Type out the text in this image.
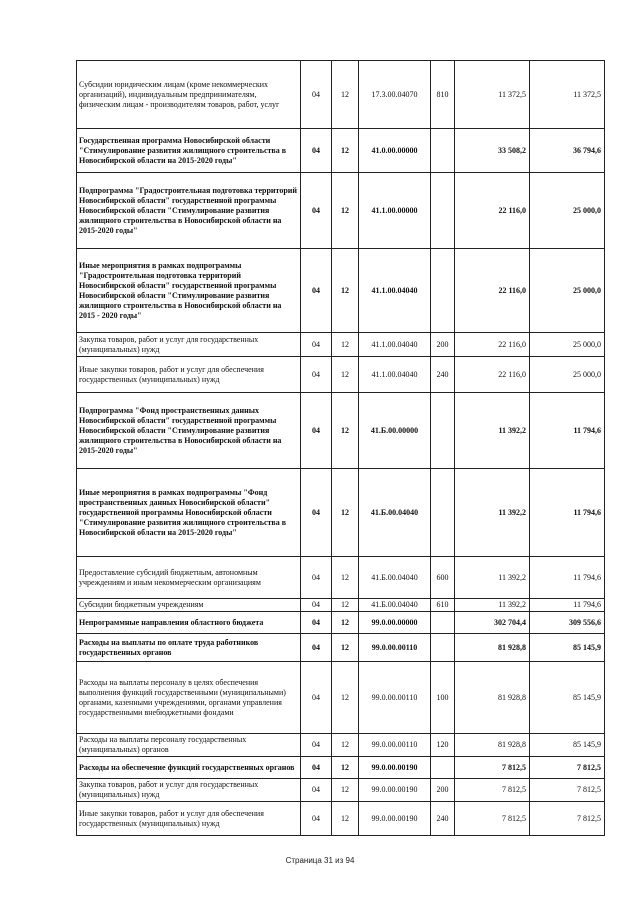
Субсидии юридическим лицам (кроме некоммерческих организаций), индивидуальным предпринимателям, физическим лицам - производителям товаров, работ, услуг	04	12	17.3.00.04070	810	11 372,5	11 372,5
Государственная программа Новосибирской области "Стимулирование развития жилищного строительства в Новосибирской области на 2015-2020 годы"	04	12	41.0.00.00000		33 508,2	36 794,6
Подпрограмма "Градостроительная подготовка территорий Новосибирской области" государственной программы Новосибирской области "Стимулирование развития жилищного строительства в Новосибирской области на 2015-2020 годы"	04	12	41.1.00.00000		22 116,0	25 000,0
Иные мероприятия в рамках подпрограммы "Градостроительная подготовка территорий Новосибирской области" государственной программы Новосибирской области "Стимулирование развития жилищного строительства в Новосибирской области на 2015 - 2020 годы"	04	12	41.1.00.04040		22 116,0	25 000,0
Закупка товаров, работ и услуг для государственных (муниципальных) нужд	04	12	41.1.00.04040	200	22 116,0	25 000,0
Иные закупки товаров, работ и услуг для обеспечения государственных (муниципальных) нужд	04	12	41.1.00.04040	240	22 116,0	25 000,0
Подпрограмма "Фонд пространственных данных Новосибирской области" государственной программы Новосибирской области "Стимулирование развития жилищного строительства в Новосибирской области на 2015-2020 годы"	04	12	41.Б.00.00000		11 392,2	11 794,6
Иные мероприятия в рамках подпрограммы "Фонд пространственных данных Новосибирской области" государственной программы Новосибирской области "Стимулирование развития жилищного строительства в Новосибирской области на 2015-2020 годы"	04	12	41.Б.00.04040		11 392,2	11 794,6
Предоставление субсидий бюджетным, автономным учреждениям и иным некоммерческим организациям	04	12	41.Б.00.04040	600	11 392,2	11 794,6
Субсидии бюджетным учреждениям	04	12	41.Б.00.04040	610	11 392,2	11 794,6
Непрограммные направления областного бюджета	04	12	99.0.00.00000		302 704,4	309 556,6
Расходы на выплаты по оплате труда работников государственных органов	04	12	99.0.00.00110		81 928,8	85 145,9
Расходы на выплаты персоналу в целях обеспечения выполнения функций государственными (муниципальными) органами, казенными учреждениями, органами управления государственными внебюджетными фондами	04	12	99.0.00.00110	100	81 928,8	85 145,9
Расходы на выплаты персоналу государственных (муниципальных) органов	04	12	99.0.00.00110	120	81 928,8	85 145,9
Расходы на обеспечение функций государственных органов	04	12	99.0.00.00190		7 812,5	7 812,5
Закупка товаров, работ и услуг для государственных (муниципальных) нужд	04	12	99.0.00.00190	200	7 812,5	7 812,5
Иные закупки товаров, работ и услуг для обеспечения государственных (муниципальных) нужд	04	12	99.0.00.00190	240	7 812,5	7 812,5
Страница 31 из 94
